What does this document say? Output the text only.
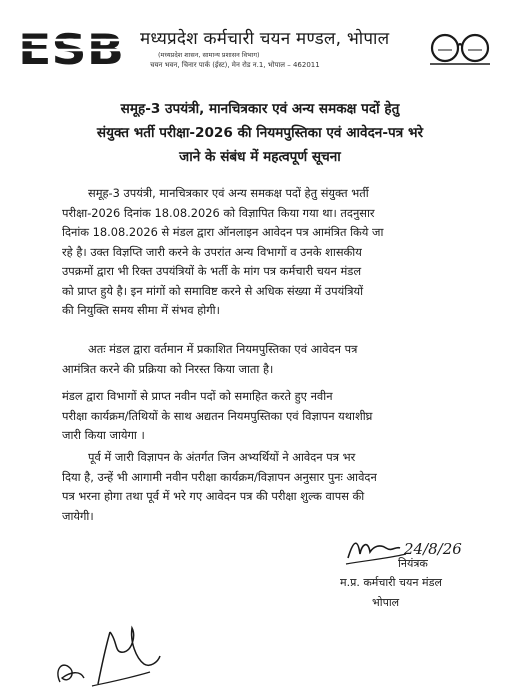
ESB मध्यप्रदेश कर्मचारी चयन मण्डल, भोपाल
(मध्यप्रदेश शासन, सामान्य प्रशासन विभाग)
चयन भवन, चिनार पार्क (ईस्ट), मेन रोड न.1, भोपाल – 462011
समूह-3 उपयंत्री, मानचित्रकार एवं अन्य समकक्ष पदों हेतु
संयुक्त भर्ती परीक्षा-2026 की नियमपुस्तिका एवं आवेदन-पत्र भरे
जाने के संबंध में महत्वपूर्ण सूचना
समूह-3 उपयंत्री, मानचित्रकार एवं अन्य समकक्ष पदों हेतु संयुक्त भर्ती
परीक्षा-2026 दिनांक 18.08.2026 को विज्ञापित किया गया था। तदनुसार
दिनांक 18.08.2026 से मंडल द्वारा ऑनलाइन आवेदन पत्र आमंत्रित किये जा
रहे है। उक्त विज्ञप्ति जारी करने के उपरांत अन्य विभागों व उनके शासकीय
उपक्रमों द्वारा भी रिक्त उपयंत्रियों के भर्ती के मांग पत्र कर्मचारी चयन मंडल
को प्राप्त हुये है। इन मांगों को समाविष्ट करने से अधिक संख्या में उपयंत्रियों
की नियुक्ति समय सीमा में संभव होगी।
अतः मंडल द्वारा वर्तमान में प्रकाशित नियमपुस्तिका एवं आवेदन पत्र
आमंत्रित करने की प्रक्रिया को निरस्त किया जाता है।
मंडल द्वारा विभागों से प्राप्त नवीन पदों को समाहित करते हुए नवीन
परीक्षा कार्यक्रम/तिथियों के साथ अद्यतन नियमपुस्तिका एवं विज्ञापन यथाशीघ्र
जारी किया जायेगा ।
पूर्व में जारी विज्ञापन के अंतर्गत जिन अभ्यर्थियों ने आवेदन पत्र भर
दिया है, उन्हें भी आगामी नवीन परीक्षा कार्यक्रम/विज्ञापन अनुसार पुनः आवेदन
पत्र भरना होगा तथा पूर्व में भरे गए आवेदन पत्र की परीक्षा शुल्क वापस की
जायेगी।
24/8/26
नियंत्रक
म.प्र. कर्मचारी चयन मंडल
भोपाल
